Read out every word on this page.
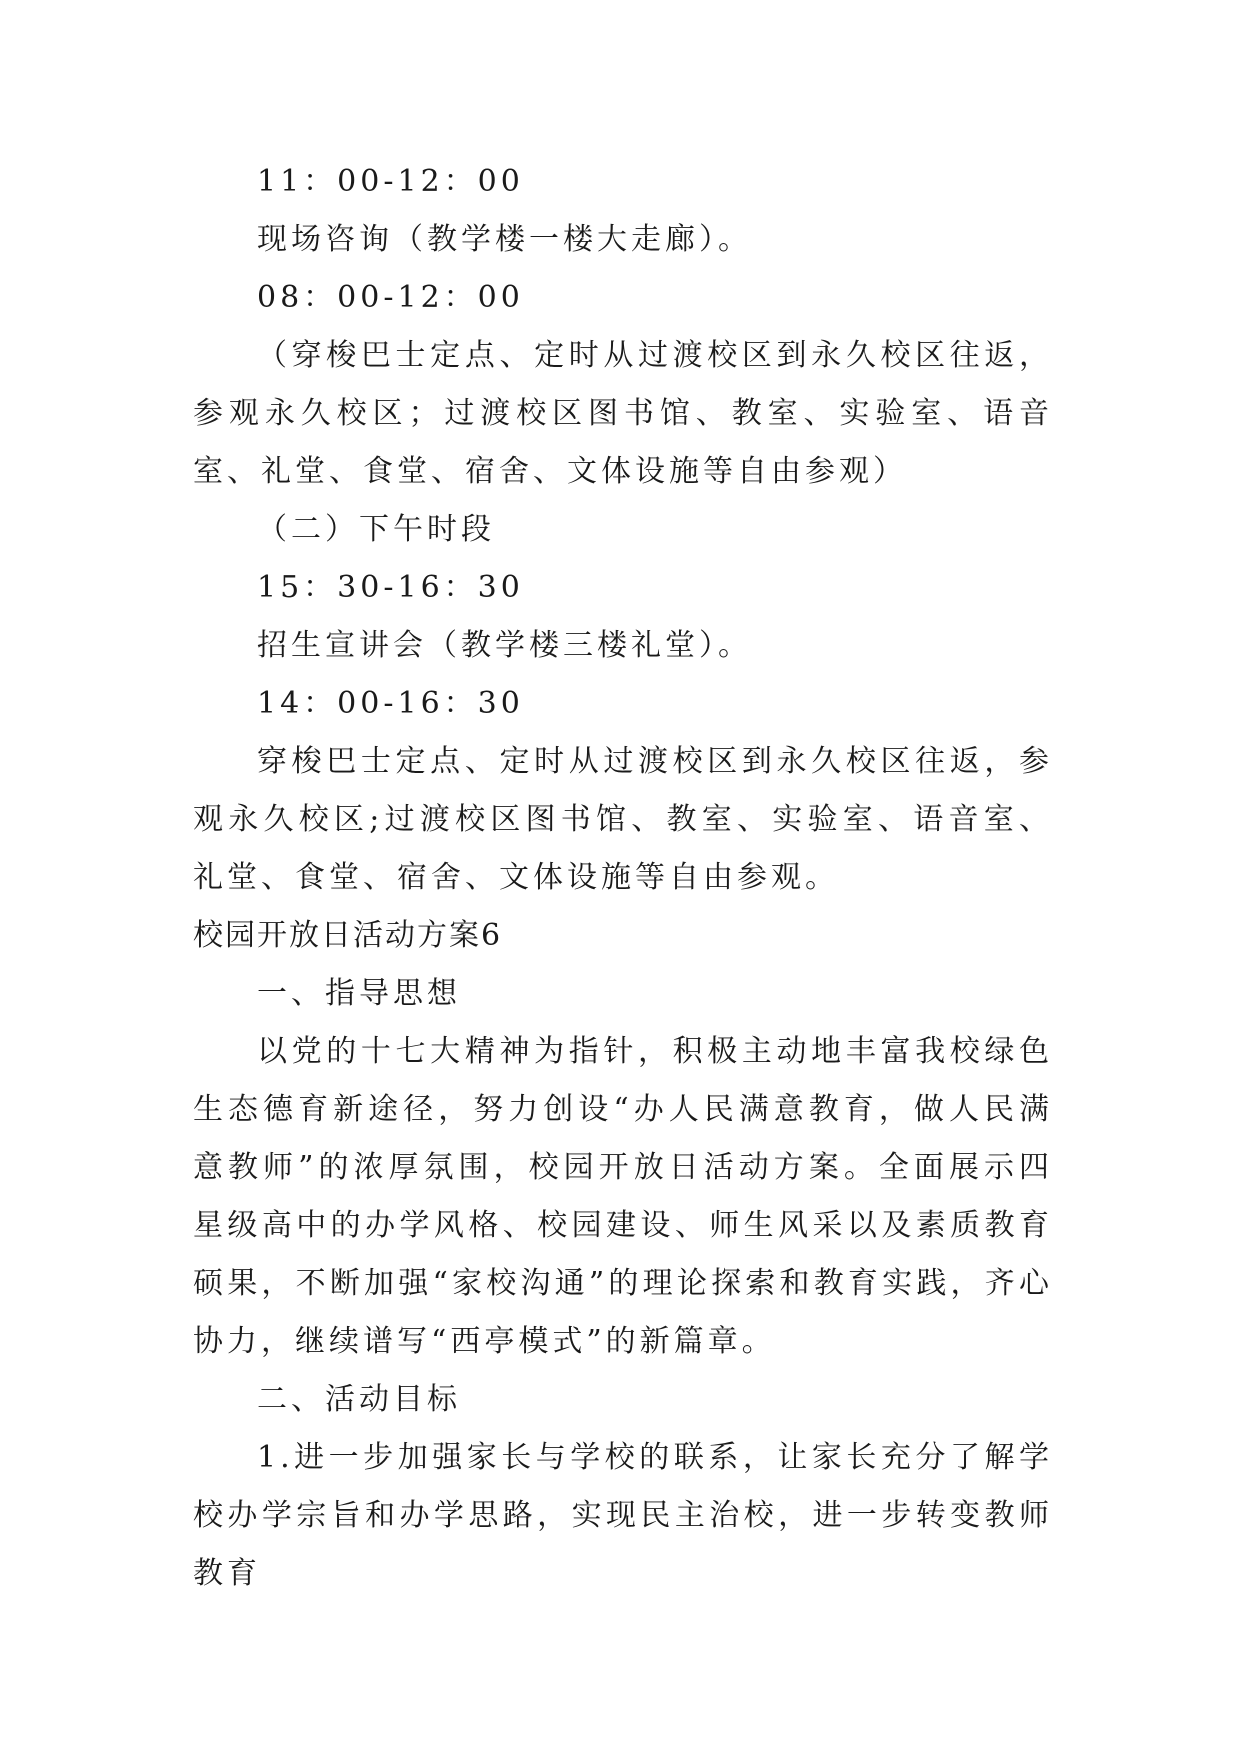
11：00-12：00

现场咨询（教学楼一楼大走廊）。

08：00-12：00

（穿梭巴士定点、定时从过渡校区到永久校区往返，参观永久校区；过渡校区图书馆、教室、实验室、语音室、礼堂、食堂、宿舍、文体设施等自由参观）

（二）下午时段

15：30-16：30

招生宣讲会（教学楼三楼礼堂）。

14：00-16：30

穿梭巴士定点、定时从过渡校区到永久校区往返，参观永久校区;过渡校区图书馆、教室、实验室、语音室、礼堂、食堂、宿舍、文体设施等自由参观。

校园开放日活动方案6

一、指导思想

以党的十七大精神为指针，积极主动地丰富我校绿色生态德育新途径，努力创设“办人民满意教育，做人民满意教师”的浓厚氛围，校园开放日活动方案。全面展示四星级高中的办学风格、校园建设、师生风采以及素质教育硕果，不断加强“家校沟通”的理论探索和教育实践，齐心协力，继续谱写“西亭模式”的新篇章。

二、活动目标

1.进一步加强家长与学校的联系，让家长充分了解学校办学宗旨和办学思路，实现民主治校，进一步转变教师教育
